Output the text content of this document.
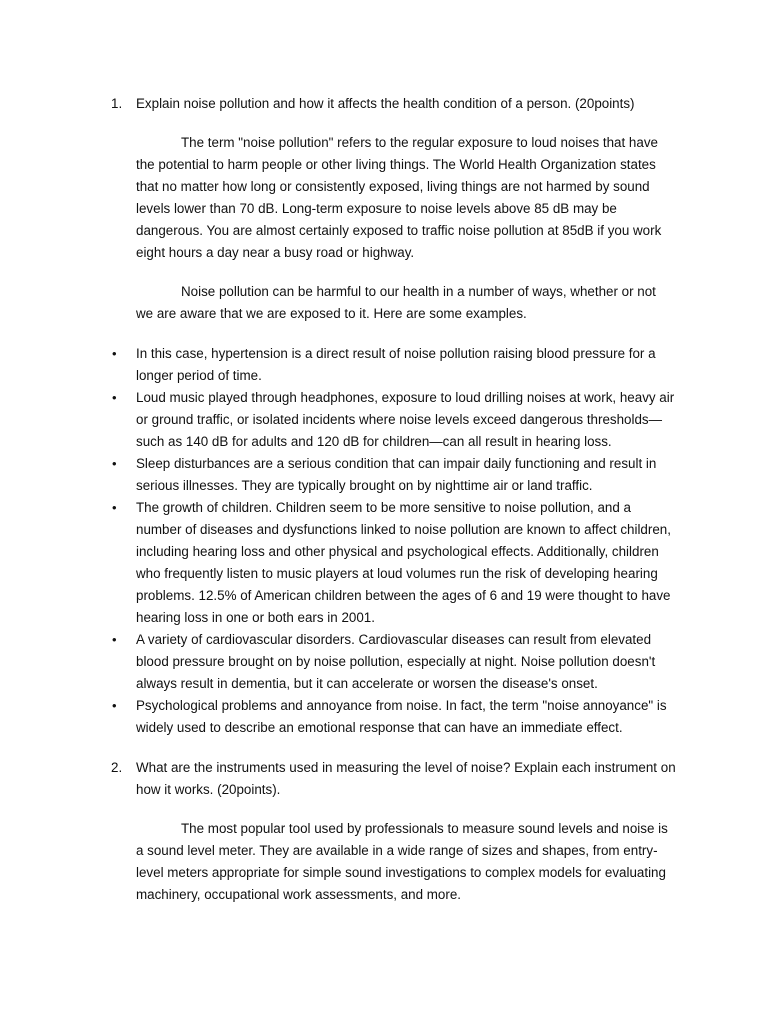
1. Explain noise pollution and how it affects the health condition of a person. (20points)
The term "noise pollution" refers to the regular exposure to loud noises that have the potential to harm people or other living things. The World Health Organization states that no matter how long or consistently exposed, living things are not harmed by sound levels lower than 70 dB. Long-term exposure to noise levels above 85 dB may be dangerous. You are almost certainly exposed to traffic noise pollution at 85dB if you work eight hours a day near a busy road or highway.
Noise pollution can be harmful to our health in a number of ways, whether or not we are aware that we are exposed to it. Here are some examples.
• In this case, hypertension is a direct result of noise pollution raising blood pressure for a longer period of time.
• Loud music played through headphones, exposure to loud drilling noises at work, heavy air or ground traffic, or isolated incidents where noise levels exceed dangerous thresholds—such as 140 dB for adults and 120 dB for children—can all result in hearing loss.
• Sleep disturbances are a serious condition that can impair daily functioning and result in serious illnesses. They are typically brought on by nighttime air or land traffic.
• The growth of children. Children seem to be more sensitive to noise pollution, and a number of diseases and dysfunctions linked to noise pollution are known to affect children, including hearing loss and other physical and psychological effects. Additionally, children who frequently listen to music players at loud volumes run the risk of developing hearing problems. 12.5% of American children between the ages of 6 and 19 were thought to have hearing loss in one or both ears in 2001.
• A variety of cardiovascular disorders. Cardiovascular diseases can result from elevated blood pressure brought on by noise pollution, especially at night. Noise pollution doesn't always result in dementia, but it can accelerate or worsen the disease's onset.
• Psychological problems and annoyance from noise. In fact, the term "noise annoyance" is widely used to describe an emotional response that can have an immediate effect.
2. What are the instruments used in measuring the level of noise? Explain each instrument on how it works. (20points).
The most popular tool used by professionals to measure sound levels and noise is a sound level meter. They are available in a wide range of sizes and shapes, from entry-level meters appropriate for simple sound investigations to complex models for evaluating machinery, occupational work assessments, and more.
